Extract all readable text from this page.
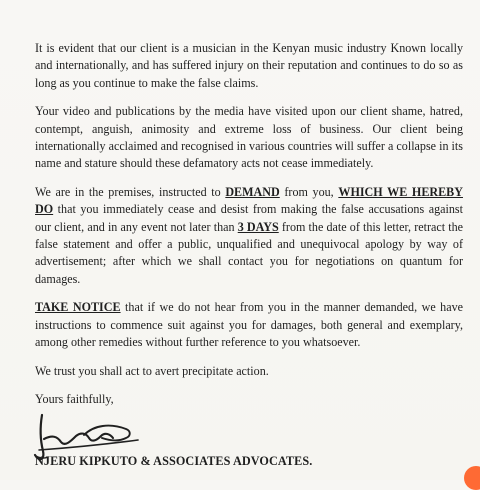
It is evident that our client is a musician in the Kenyan music industry Known locally and internationally, and has suffered injury on their reputation and continues to do so as long as you continue to make the false claims.

Your video and publications by the media have visited upon our client shame, hatred, contempt, anguish, animosity and extreme loss of business. Our client being internationally acclaimed and recognised in various countries will suffer a collapse in its name and stature should these defamatory acts not cease immediately.

We are in the premises, instructed to DEMAND from you, WHICH WE HEREBY DO that you immediately cease and desist from making the false accusations against our client, and in any event not later than 3 DAYS from the date of this letter, retract the false statement and offer a public, unqualified and unequivocal apology by way of advertisement; after which we shall contact you for negotiations on quantum for damages.

TAKE NOTICE that if we do not hear from you in the manner demanded, we have instructions to commence suit against you for damages, both general and exemplary, among other remedies without further reference to you whatsoever.

We trust you shall act to avert precipitate action.

Yours faithfully,

NJERU KIPKUTO & ASSOCIATES ADVOCATES.
